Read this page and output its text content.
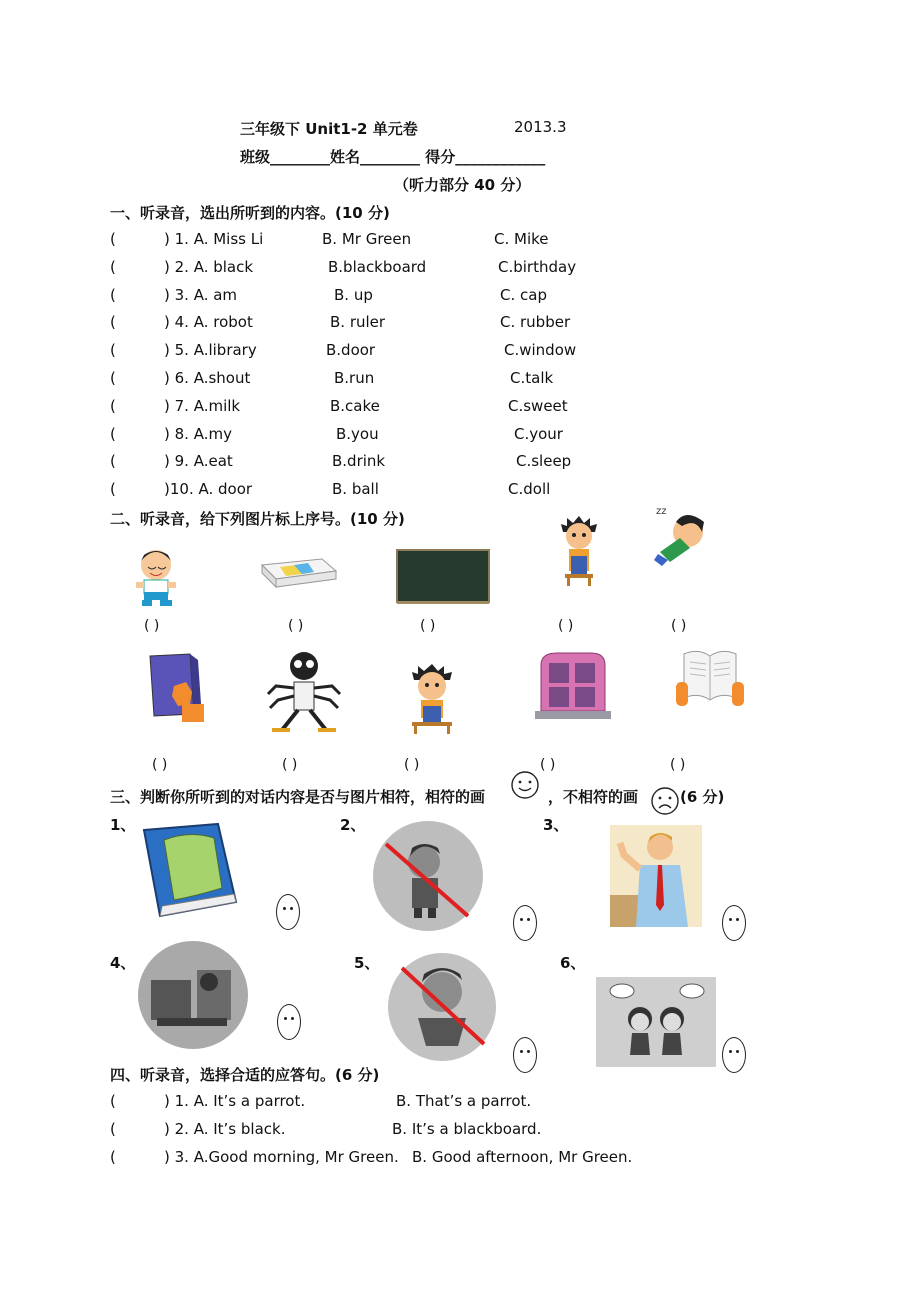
三年级下 Unit1-2 单元卷	2013.3
班级________姓名________ 得分____________
（听力部分 40 分）
一、听录音，选出所听到的内容。(10 分)
(	) 1. A. Miss Li	B. Mr Green	C. Mike
(	) 2. A. black	B.blackboard	C.birthday
(	) 3. A. am	B. up	C. cap
(	) 4. A. robot	B. ruler	C. rubber
(	) 5. A.library	B.door	C.window
(	) 6. A.shout	B.run	C.talk
(	) 7. A.milk	B.cake	C.sweet
(	) 8. A.my	B.you	C.your
(	) 9. A.eat	B.drink	C.sleep
(	)10. A. door	B. ball	C.doll
二、听录音，给下列图片标上序号。(10 分)	zz
( )	( )	( )	( )	( )
( )	( )	( )	( )	( )
三、判断你所听到的对话内容是否与图片相符，相符的画	，不相符的画	(6 分)
1、	2、	3、
4、	5、	6、
四、听录音，选择合适的应答句。(6 分)
(	) 1. A. It’s a parrot.	B. That’s a parrot.
(	) 2. A. It’s black.	B. It’s a blackboard.
(	) 3. A.Good morning, Mr Green. B. Good afternoon, Mr Green.
